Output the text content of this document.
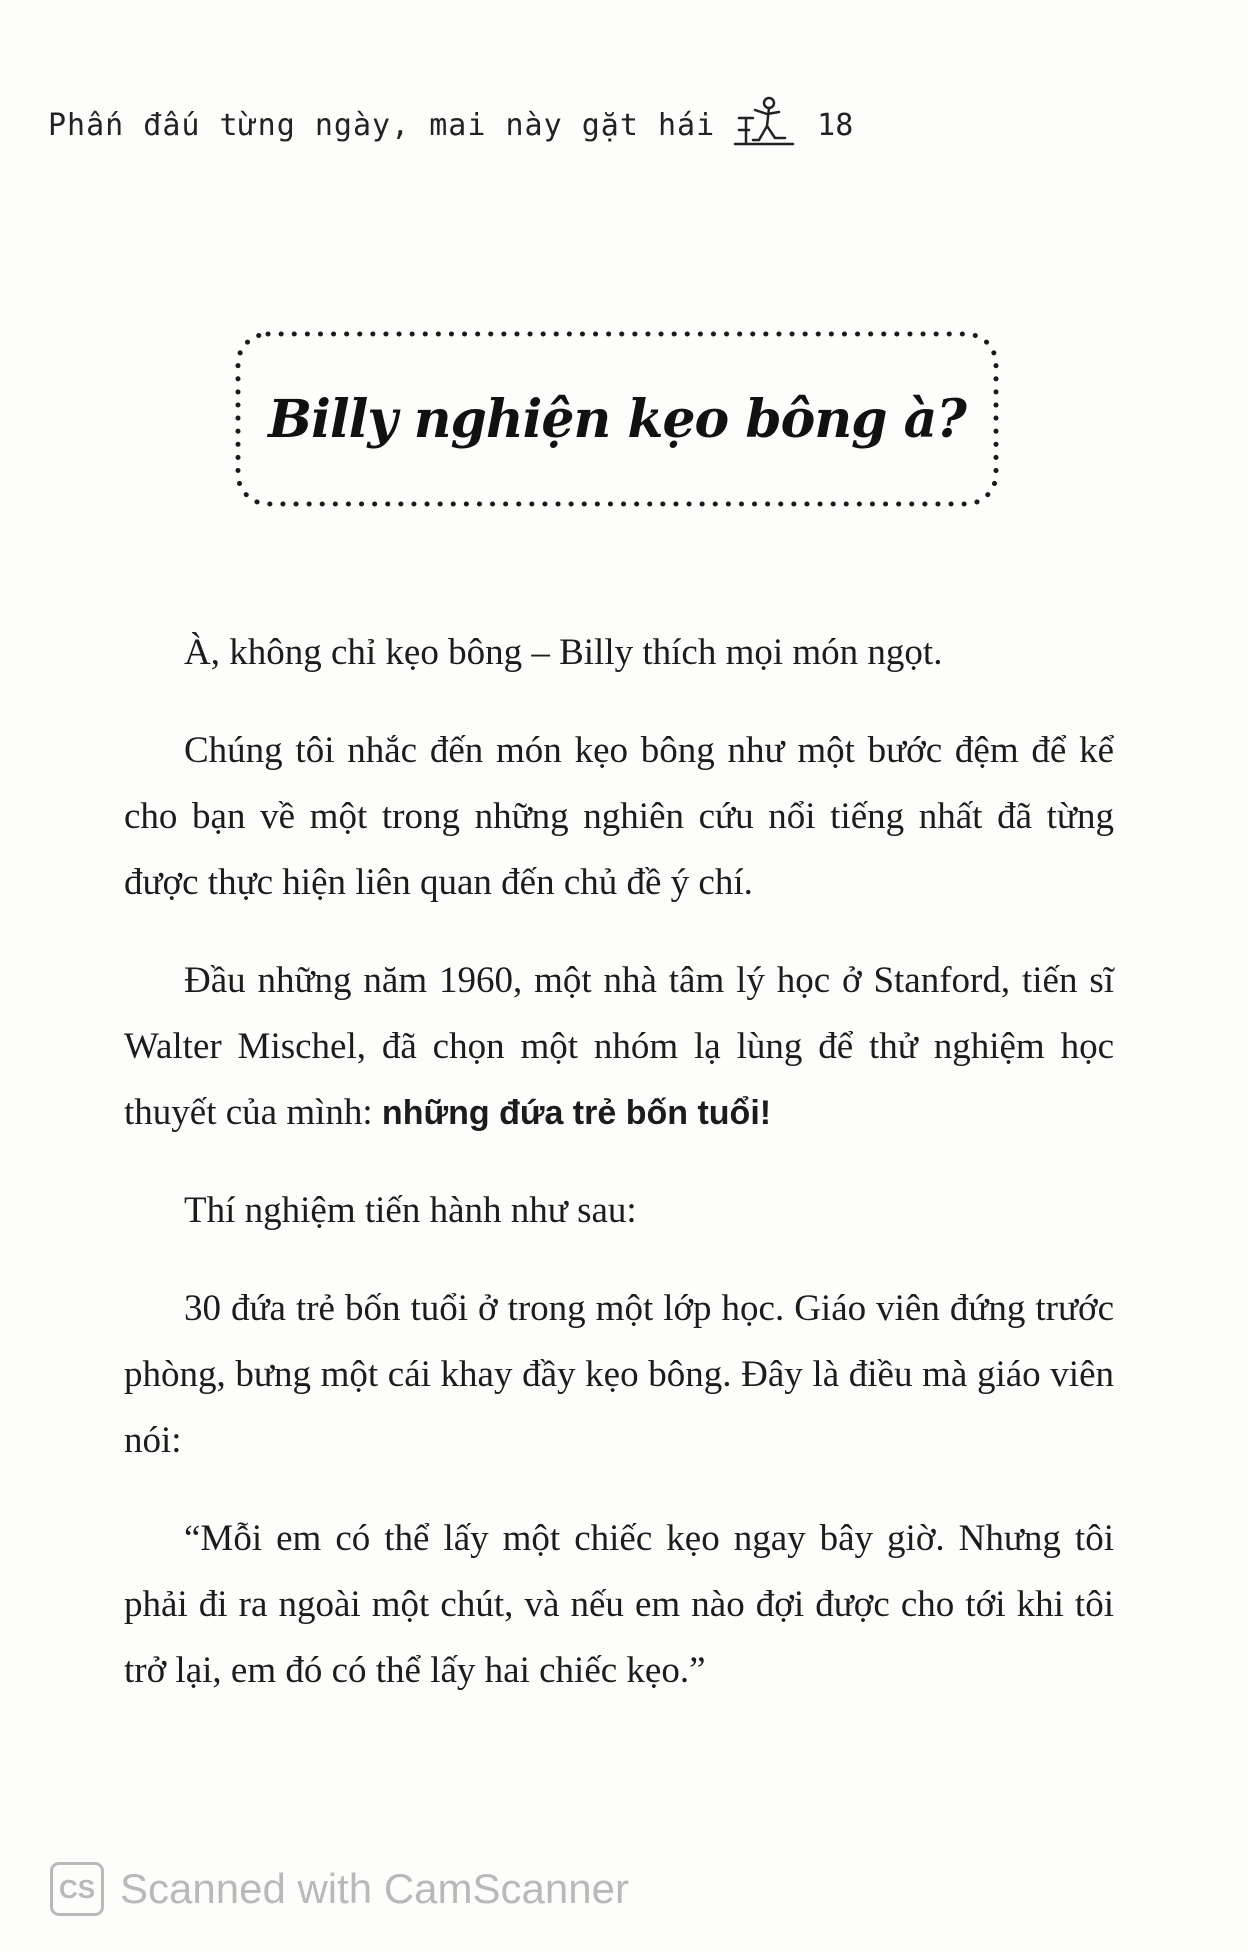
Phấn đấu từng ngày, mai này gặt hái	18
Billy nghiện kẹo bông à?

À, không chỉ kẹo bông – Billy thích mọi món ngọt.

Chúng tôi nhắc đến món kẹo bông như một bước đệm để kể cho bạn về một trong những nghiên cứu nổi tiếng nhất đã từng được thực hiện liên quan đến chủ đề ý chí.

Đầu những năm 1960, một nhà tâm lý học ở Stanford, tiến sĩ Walter Mischel, đã chọn một nhóm lạ lùng để thử nghiệm học thuyết của mình: những đứa trẻ bốn tuổi!

Thí nghiệm tiến hành như sau:

30 đứa trẻ bốn tuổi ở trong một lớp học. Giáo viên đứng trước phòng, bưng một cái khay đầy kẹo bông. Đây là điều mà giáo viên nói:

“Mỗi em có thể lấy một chiếc kẹo ngay bây giờ. Nhưng tôi phải đi ra ngoài một chút, và nếu em nào đợi được cho tới khi tôi trở lại, em đó có thể lấy hai chiếc kẹo.”

CS Scanned with CamScanner
